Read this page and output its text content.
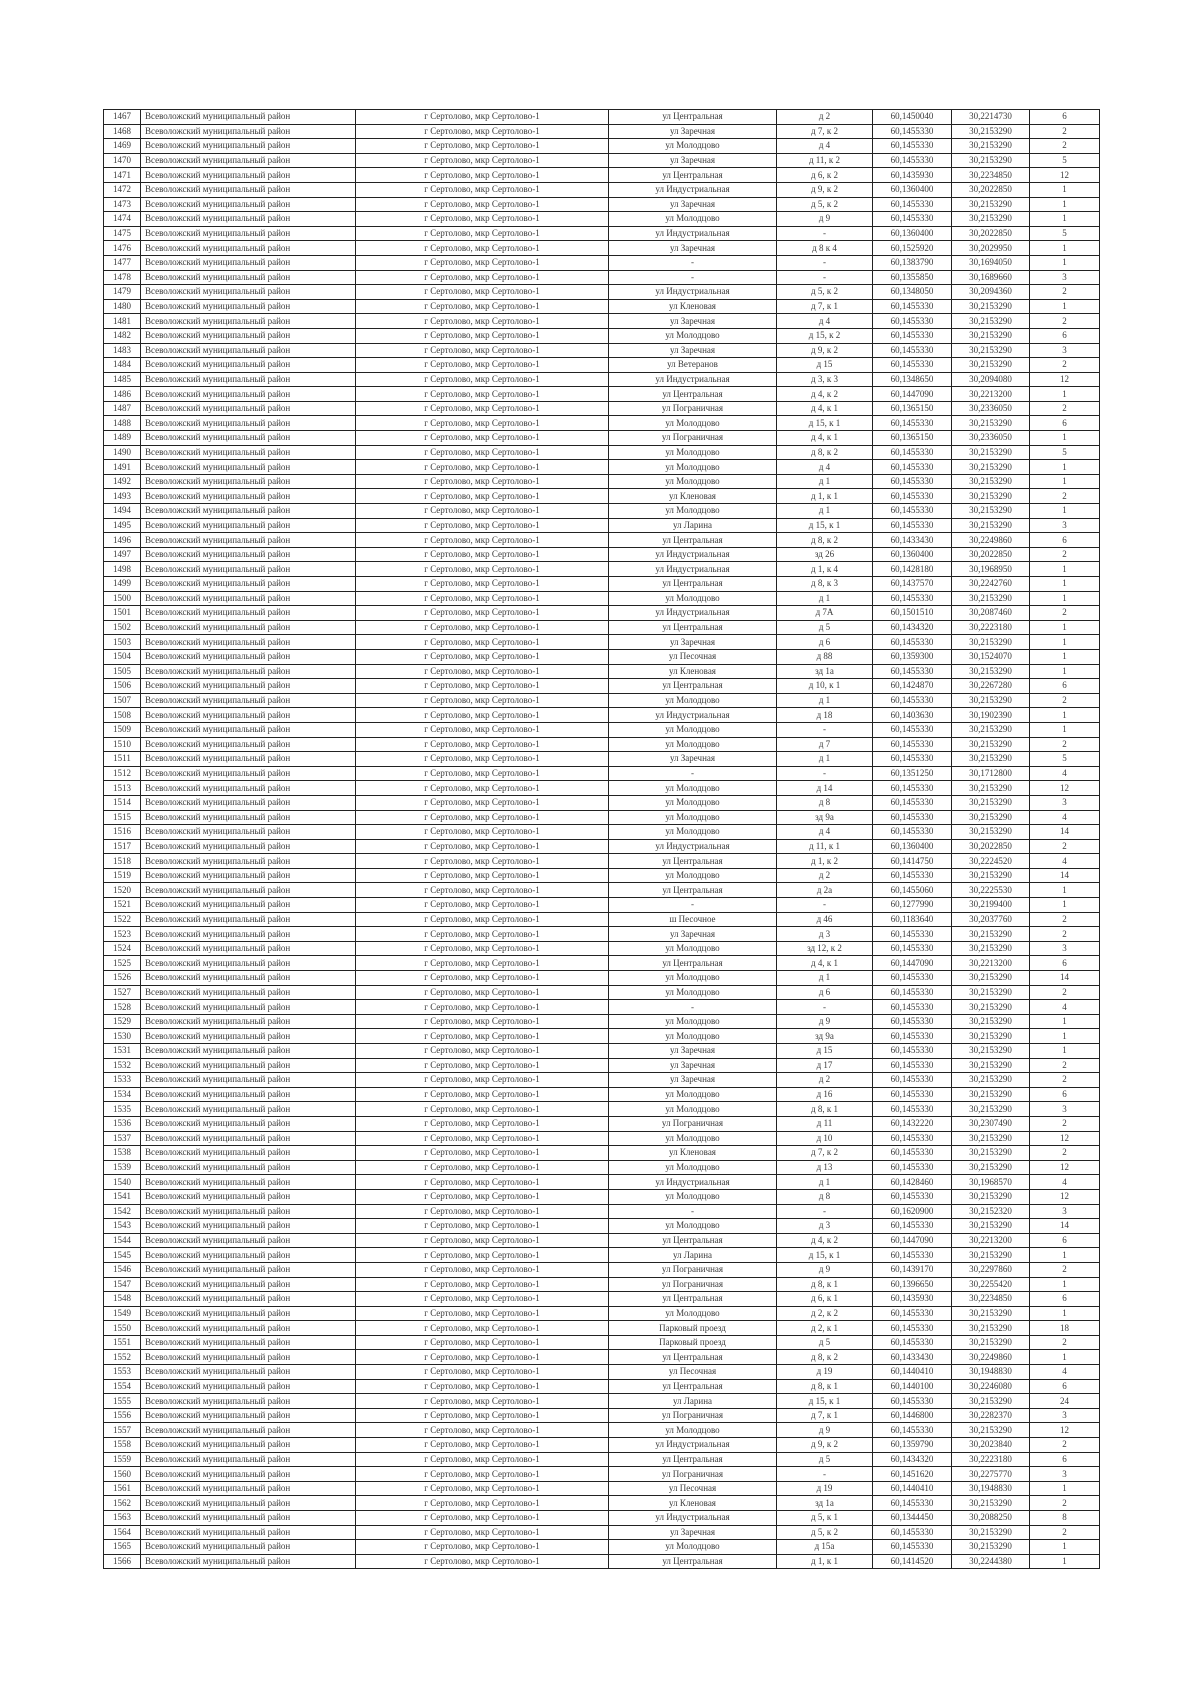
1467	Всеволожский муниципальный район	г Сертолово, мкр Сертолово-1	ул Центральная	д 2	60,1450040	30,2214730	6
1468	Всеволожский муниципальный район	г Сертолово, мкр Сертолово-1	ул Заречная	д 7, к 2	60,1455330	30,2153290	2
1469	Всеволожский муниципальный район	г Сертолово, мкр Сертолово-1	ул Молодцово	д 4	60,1455330	30,2153290	2
1470	Всеволожский муниципальный район	г Сертолово, мкр Сертолово-1	ул Заречная	д 11, к 2	60,1455330	30,2153290	5
1471	Всеволожский муниципальный район	г Сертолово, мкр Сертолово-1	ул Центральная	д 6, к 2	60,1435930	30,2234850	12
1472	Всеволожский муниципальный район	г Сертолово, мкр Сертолово-1	ул Индустриальная	д 9, к 2	60,1360400	30,2022850	1
1473	Всеволожский муниципальный район	г Сертолово, мкр Сертолово-1	ул Заречная	д 5, к 2	60,1455330	30,2153290	1
1474	Всеволожский муниципальный район	г Сертолово, мкр Сертолово-1	ул Молодцово	д 9	60,1455330	30,2153290	1
1475	Всеволожский муниципальный район	г Сертолово, мкр Сертолово-1	ул Индустриальная	-	60,1360400	30,2022850	5
1476	Всеволожский муниципальный район	г Сертолово, мкр Сертолово-1	ул Заречная	д 8 к 4	60,1525920	30,2029950	1
1477	Всеволожский муниципальный район	г Сертолово, мкр Сертолово-1	-	-	60,1383790	30,1694050	1
1478	Всеволожский муниципальный район	г Сертолово, мкр Сертолово-1	-	-	60,1355850	30,1689660	3
1479	Всеволожский муниципальный район	г Сертолово, мкр Сертолово-1	ул Индустриальная	д 5, к 2	60,1348050	30,2094360	2
1480	Всеволожский муниципальный район	г Сертолово, мкр Сертолово-1	ул Кленовая	д 7, к 1	60,1455330	30,2153290	1
1481	Всеволожский муниципальный район	г Сертолово, мкр Сертолово-1	ул Заречная	д 4	60,1455330	30,2153290	2
1482	Всеволожский муниципальный район	г Сертолово, мкр Сертолово-1	ул Молодцово	д 15, к 2	60,1455330	30,2153290	6
1483	Всеволожский муниципальный район	г Сертолово, мкр Сертолово-1	ул Заречная	д 9, к 2	60,1455330	30,2153290	3
1484	Всеволожский муниципальный район	г Сертолово, мкр Сертолово-1	ул Ветеранов	д 15	60,1455330	30,2153290	2
1485	Всеволожский муниципальный район	г Сертолово, мкр Сертолово-1	ул Индустриальная	д 3, к 3	60,1348650	30,2094080	12
1486	Всеволожский муниципальный район	г Сертолово, мкр Сертолово-1	ул Центральная	д 4, к 2	60,1447090	30,2213200	1
1487	Всеволожский муниципальный район	г Сертолово, мкр Сертолово-1	ул Пограничная	д 4, к 1	60,1365150	30,2336050	2
1488	Всеволожский муниципальный район	г Сертолово, мкр Сертолово-1	ул Молодцово	д 15, к 1	60,1455330	30,2153290	6
1489	Всеволожский муниципальный район	г Сертолово, мкр Сертолово-1	ул Пограничная	д 4, к 1	60,1365150	30,2336050	1
1490	Всеволожский муниципальный район	г Сертолово, мкр Сертолово-1	ул Молодцово	д 8, к 2	60,1455330	30,2153290	5
1491	Всеволожский муниципальный район	г Сертолово, мкр Сертолово-1	ул Молодцово	д 4	60,1455330	30,2153290	1
1492	Всеволожский муниципальный район	г Сертолово, мкр Сертолово-1	ул Молодцово	д 1	60,1455330	30,2153290	1
1493	Всеволожский муниципальный район	г Сертолово, мкр Сертолово-1	ул Кленовая	д 1, к 1	60,1455330	30,2153290	2
1494	Всеволожский муниципальный район	г Сертолово, мкр Сертолово-1	ул Молодцово	д 1	60,1455330	30,2153290	1
1495	Всеволожский муниципальный район	г Сертолово, мкр Сертолово-1	ул Ларина	д 15, к 1	60,1455330	30,2153290	3
1496	Всеволожский муниципальный район	г Сертолово, мкр Сертолово-1	ул Центральная	д 8, к 2	60,1433430	30,2249860	6
1497	Всеволожский муниципальный район	г Сертолово, мкр Сертолово-1	ул Индустриальная	зд 26	60,1360400	30,2022850	2
1498	Всеволожский муниципальный район	г Сертолово, мкр Сертолово-1	ул Индустриальная	д 1, к 4	60,1428180	30,1968950	1
1499	Всеволожский муниципальный район	г Сертолово, мкр Сертолово-1	ул Центральная	д 8, к 3	60,1437570	30,2242760	1
1500	Всеволожский муниципальный район	г Сертолово, мкр Сертолово-1	ул Молодцово	д 1	60,1455330	30,2153290	1
1501	Всеволожский муниципальный район	г Сертолово, мкр Сертолово-1	ул Индустриальная	д 7А	60,1501510	30,2087460	2
1502	Всеволожский муниципальный район	г Сертолово, мкр Сертолово-1	ул Центральная	д 5	60,1434320	30,2223180	1
1503	Всеволожский муниципальный район	г Сертолово, мкр Сертолово-1	ул Заречная	д 6	60,1455330	30,2153290	1
1504	Всеволожский муниципальный район	г Сертолово, мкр Сертолово-1	ул Песочная	д 88	60,1359300	30,1524070	1
1505	Всеволожский муниципальный район	г Сертолово, мкр Сертолово-1	ул Кленовая	зд 1а	60,1455330	30,2153290	1
1506	Всеволожский муниципальный район	г Сертолово, мкр Сертолово-1	ул Центральная	д 10, к 1	60,1424870	30,2267280	6
1507	Всеволожский муниципальный район	г Сертолово, мкр Сертолово-1	ул Молодцово	д 1	60,1455330	30,2153290	2
1508	Всеволожский муниципальный район	г Сертолово, мкр Сертолово-1	ул Индустриальная	д 18	60,1403630	30,1902390	1
1509	Всеволожский муниципальный район	г Сертолово, мкр Сертолово-1	ул Молодцово	-	60,1455330	30,2153290	1
1510	Всеволожский муниципальный район	г Сертолово, мкр Сертолово-1	ул Молодцово	д 7	60,1455330	30,2153290	2
1511	Всеволожский муниципальный район	г Сертолово, мкр Сертолово-1	ул Заречная	д 1	60,1455330	30,2153290	5
1512	Всеволожский муниципальный район	г Сертолово, мкр Сертолово-1	-	-	60,1351250	30,1712800	4
1513	Всеволожский муниципальный район	г Сертолово, мкр Сертолово-1	ул Молодцово	д 14	60,1455330	30,2153290	12
1514	Всеволожский муниципальный район	г Сертолово, мкр Сертолово-1	ул Молодцово	д 8	60,1455330	30,2153290	3
1515	Всеволожский муниципальный район	г Сертолово, мкр Сертолово-1	ул Молодцово	зд 9а	60,1455330	30,2153290	4
1516	Всеволожский муниципальный район	г Сертолово, мкр Сертолово-1	ул Молодцово	д 4	60,1455330	30,2153290	14
1517	Всеволожский муниципальный район	г Сертолово, мкр Сертолово-1	ул Индустриальная	д 11, к 1	60,1360400	30,2022850	2
1518	Всеволожский муниципальный район	г Сертолово, мкр Сертолово-1	ул Центральная	д 1, к 2	60,1414750	30,2224520	4
1519	Всеволожский муниципальный район	г Сертолово, мкр Сертолово-1	ул Молодцово	д 2	60,1455330	30,2153290	14
1520	Всеволожский муниципальный район	г Сертолово, мкр Сертолово-1	ул Центральная	д 2а	60,1455060	30,2225530	1
1521	Всеволожский муниципальный район	г Сертолово, мкр Сертолово-1	-	-	60,1277990	30,2199400	1
1522	Всеволожский муниципальный район	г Сертолово, мкр Сертолово-1	ш Песочное	д 46	60,1183640	30,2037760	2
1523	Всеволожский муниципальный район	г Сертолово, мкр Сертолово-1	ул Заречная	д 3	60,1455330	30,2153290	2
1524	Всеволожский муниципальный район	г Сертолово, мкр Сертолово-1	ул Молодцово	зд 12, к 2	60,1455330	30,2153290	3
1525	Всеволожский муниципальный район	г Сертолово, мкр Сертолово-1	ул Центральная	д 4, к 1	60,1447090	30,2213200	6
1526	Всеволожский муниципальный район	г Сертолово, мкр Сертолово-1	ул Молодцово	д 1	60,1455330	30,2153290	14
1527	Всеволожский муниципальный район	г Сертолово, мкр Сертолово-1	ул Молодцово	д 6	60,1455330	30,2153290	2
1528	Всеволожский муниципальный район	г Сертолово, мкр Сертолово-1	-	-	60,1455330	30,2153290	4
1529	Всеволожский муниципальный район	г Сертолово, мкр Сертолово-1	ул Молодцово	д 9	60,1455330	30,2153290	1
1530	Всеволожский муниципальный район	г Сертолово, мкр Сертолово-1	ул Молодцово	зд 9а	60,1455330	30,2153290	1
1531	Всеволожский муниципальный район	г Сертолово, мкр Сертолово-1	ул Заречная	д 15	60,1455330	30,2153290	1
1532	Всеволожский муниципальный район	г Сертолово, мкр Сертолово-1	ул Заречная	д 17	60,1455330	30,2153290	2
1533	Всеволожский муниципальный район	г Сертолово, мкр Сертолово-1	ул Заречная	д 2	60,1455330	30,2153290	2
1534	Всеволожский муниципальный район	г Сертолово, мкр Сертолово-1	ул Молодцово	д 16	60,1455330	30,2153290	6
1535	Всеволожский муниципальный район	г Сертолово, мкр Сертолово-1	ул Молодцово	д 8, к 1	60,1455330	30,2153290	3
1536	Всеволожский муниципальный район	г Сертолово, мкр Сертолово-1	ул Пограничная	д 11	60,1432220	30,2307490	2
1537	Всеволожский муниципальный район	г Сертолово, мкр Сертолово-1	ул Молодцово	д 10	60,1455330	30,2153290	12
1538	Всеволожский муниципальный район	г Сертолово, мкр Сертолово-1	ул Кленовая	д 7, к 2	60,1455330	30,2153290	2
1539	Всеволожский муниципальный район	г Сертолово, мкр Сертолово-1	ул Молодцово	д 13	60,1455330	30,2153290	12
1540	Всеволожский муниципальный район	г Сертолово, мкр Сертолово-1	ул Индустриальная	д 1	60,1428460	30,1968570	4
1541	Всеволожский муниципальный район	г Сертолово, мкр Сертолово-1	ул Молодцово	д 8	60,1455330	30,2153290	12
1542	Всеволожский муниципальный район	г Сертолово, мкр Сертолово-1	-	-	60,1620900	30,2152320	3
1543	Всеволожский муниципальный район	г Сертолово, мкр Сертолово-1	ул Молодцово	д 3	60,1455330	30,2153290	14
1544	Всеволожский муниципальный район	г Сертолово, мкр Сертолово-1	ул Центральная	д 4, к 2	60,1447090	30,2213200	6
1545	Всеволожский муниципальный район	г Сертолово, мкр Сертолово-1	ул Ларина	д 15, к 1	60,1455330	30,2153290	1
1546	Всеволожский муниципальный район	г Сертолово, мкр Сертолово-1	ул Пограничная	д 9	60,1439170	30,2297860	2
1547	Всеволожский муниципальный район	г Сертолово, мкр Сертолово-1	ул Пограничная	д 8, к 1	60,1396650	30,2255420	1
1548	Всеволожский муниципальный район	г Сертолово, мкр Сертолово-1	ул Центральная	д 6, к 1	60,1435930	30,2234850	6
1549	Всеволожский муниципальный район	г Сертолово, мкр Сертолово-1	ул Молодцово	д 2, к 2	60,1455330	30,2153290	1
1550	Всеволожский муниципальный район	г Сертолово, мкр Сертолово-1	Парковый проезд	д 2, к 1	60,1455330	30,2153290	18
1551	Всеволожский муниципальный район	г Сертолово, мкр Сертолово-1	Парковый проезд	д 5	60,1455330	30,2153290	2
1552	Всеволожский муниципальный район	г Сертолово, мкр Сертолово-1	ул Центральная	д 8, к 2	60,1433430	30,2249860	1
1553	Всеволожский муниципальный район	г Сертолово, мкр Сертолово-1	ул Песочная	д 19	60,1440410	30,1948830	4
1554	Всеволожский муниципальный район	г Сертолово, мкр Сертолово-1	ул Центральная	д 8, к 1	60,1440100	30,2246080	6
1555	Всеволожский муниципальный район	г Сертолово, мкр Сертолово-1	ул Ларина	д 15, к 1	60,1455330	30,2153290	24
1556	Всеволожский муниципальный район	г Сертолово, мкр Сертолово-1	ул Пограничная	д 7, к 1	60,1446800	30,2282370	3
1557	Всеволожский муниципальный район	г Сертолово, мкр Сертолово-1	ул Молодцово	д 9	60,1455330	30,2153290	12
1558	Всеволожский муниципальный район	г Сертолово, мкр Сертолово-1	ул Индустриальная	д 9, к 2	60,1359790	30,2023840	2
1559	Всеволожский муниципальный район	г Сертолово, мкр Сертолово-1	ул Центральная	д 5	60,1434320	30,2223180	6
1560	Всеволожский муниципальный район	г Сертолово, мкр Сертолово-1	ул Пограничная	-	60,1451620	30,2275770	3
1561	Всеволожский муниципальный район	г Сертолово, мкр Сертолово-1	ул Песочная	д 19	60,1440410	30,1948830	1
1562	Всеволожский муниципальный район	г Сертолово, мкр Сертолово-1	ул Кленовая	зд 1а	60,1455330	30,2153290	2
1563	Всеволожский муниципальный район	г Сертолово, мкр Сертолово-1	ул Индустриальная	д 5, к 1	60,1344450	30,2088250	8
1564	Всеволожский муниципальный район	г Сертолово, мкр Сертолово-1	ул Заречная	д 5, к 2	60,1455330	30,2153290	2
1565	Всеволожский муниципальный район	г Сертолово, мкр Сертолово-1	ул Молодцово	д 15а	60,1455330	30,2153290	1
1566	Всеволожский муниципальный район	г Сертолово, мкр Сертолово-1	ул Центральная	д 1, к 1	60,1414520	30,2244380	1
